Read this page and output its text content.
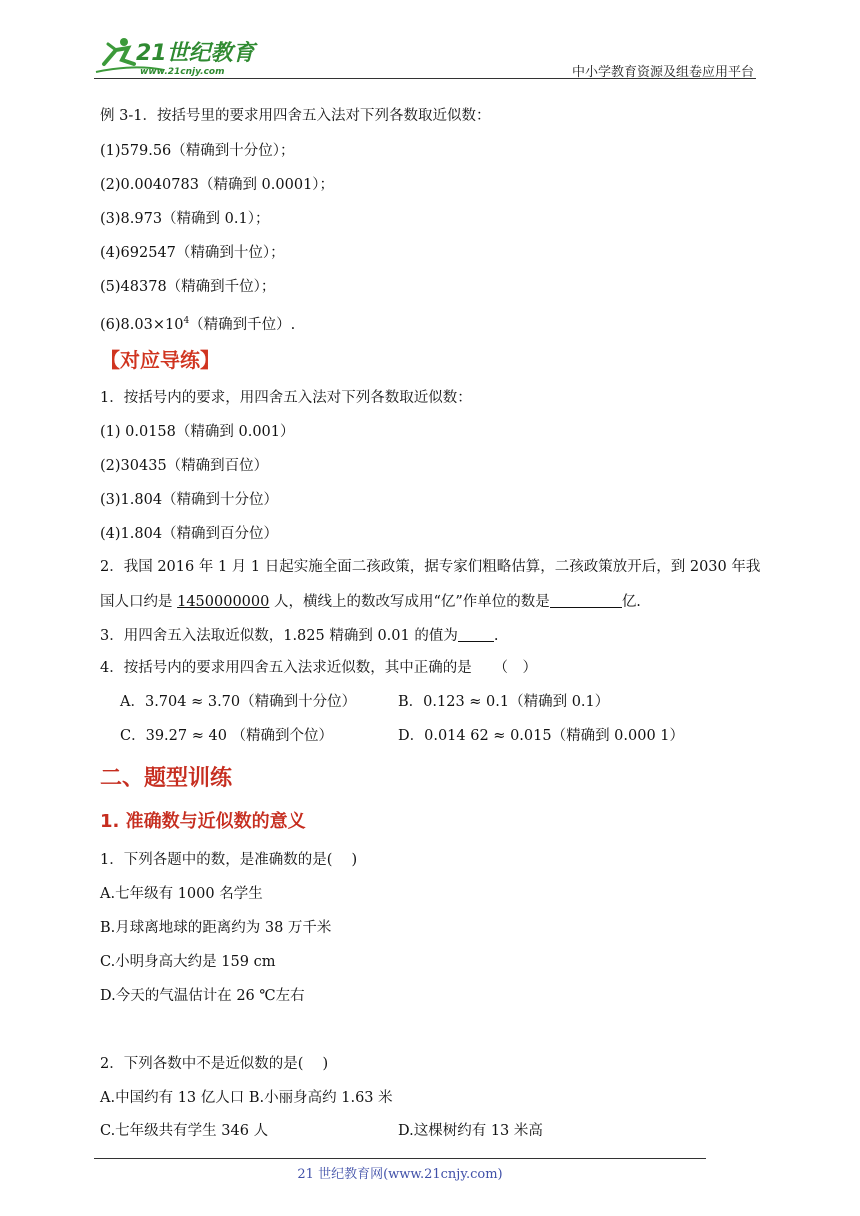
21世纪教育
www.21cnjy.com	中小学教育资源及组卷应用平台
例 3-1．按括号里的要求用四舍五入法对下列各数取近似数：
(1)579.56（精确到十分位）；
(2)0.0040783（精确到 0.0001）；
(3)8.973（精确到 0.1）；
(4)692547（精确到十位）；
(5)48378（精确到千位）；
$(6)8.03\times 10^4$（精确到千位）.
【对应导练】
1．按括号内的要求，用四舍五入法对下列各数取近似数：
(1) 0.0158（精确到 0.001）
(2)30435（精确到百位）
(3)1.804（精确到十分位）
(4)1.804（精确到百分位）
2．我国 2016 年 1 月 1 日起实施全面二孩政策，据专家们粗略估算，二孩政策放开后，到 2030 年我
国人口约是 1450000000 人，横线上的数改写成用“亿”作单位的数是	亿.
3．用四舍五入法取近似数，1.825 精确到 0.01 的值为 .
4．按括号内的要求用四舍五入法求近似数，其中正确的是　　（　）
A．3.704 ≈ 3.70（精确到十分位）	B．0.123 ≈ 0.1（精确到 0.1）
C．39.27 ≈ 40 （精确到个位）	D．0.014 62 ≈ 0.015（精确到 0.000 1）
二、题型训练
1. 准确数与近似数的意义
1．下列各题中的数，是准确数的是(　 )
A.七年级有 1000 名学生
B.月球离地球的距离约为 38 万千米
C.小明身高大约是 159 cm
D.今天的气温估计在 26 ℃左右
2．下列各数中不是近似数的是(　 )
A.中国约有 13 亿人口 B.小丽身高约 1.63 米
C.七年级共有学生 346 人	D.这棵树约有 13 米高
21 世纪教育网(www.21cnjy.com)
